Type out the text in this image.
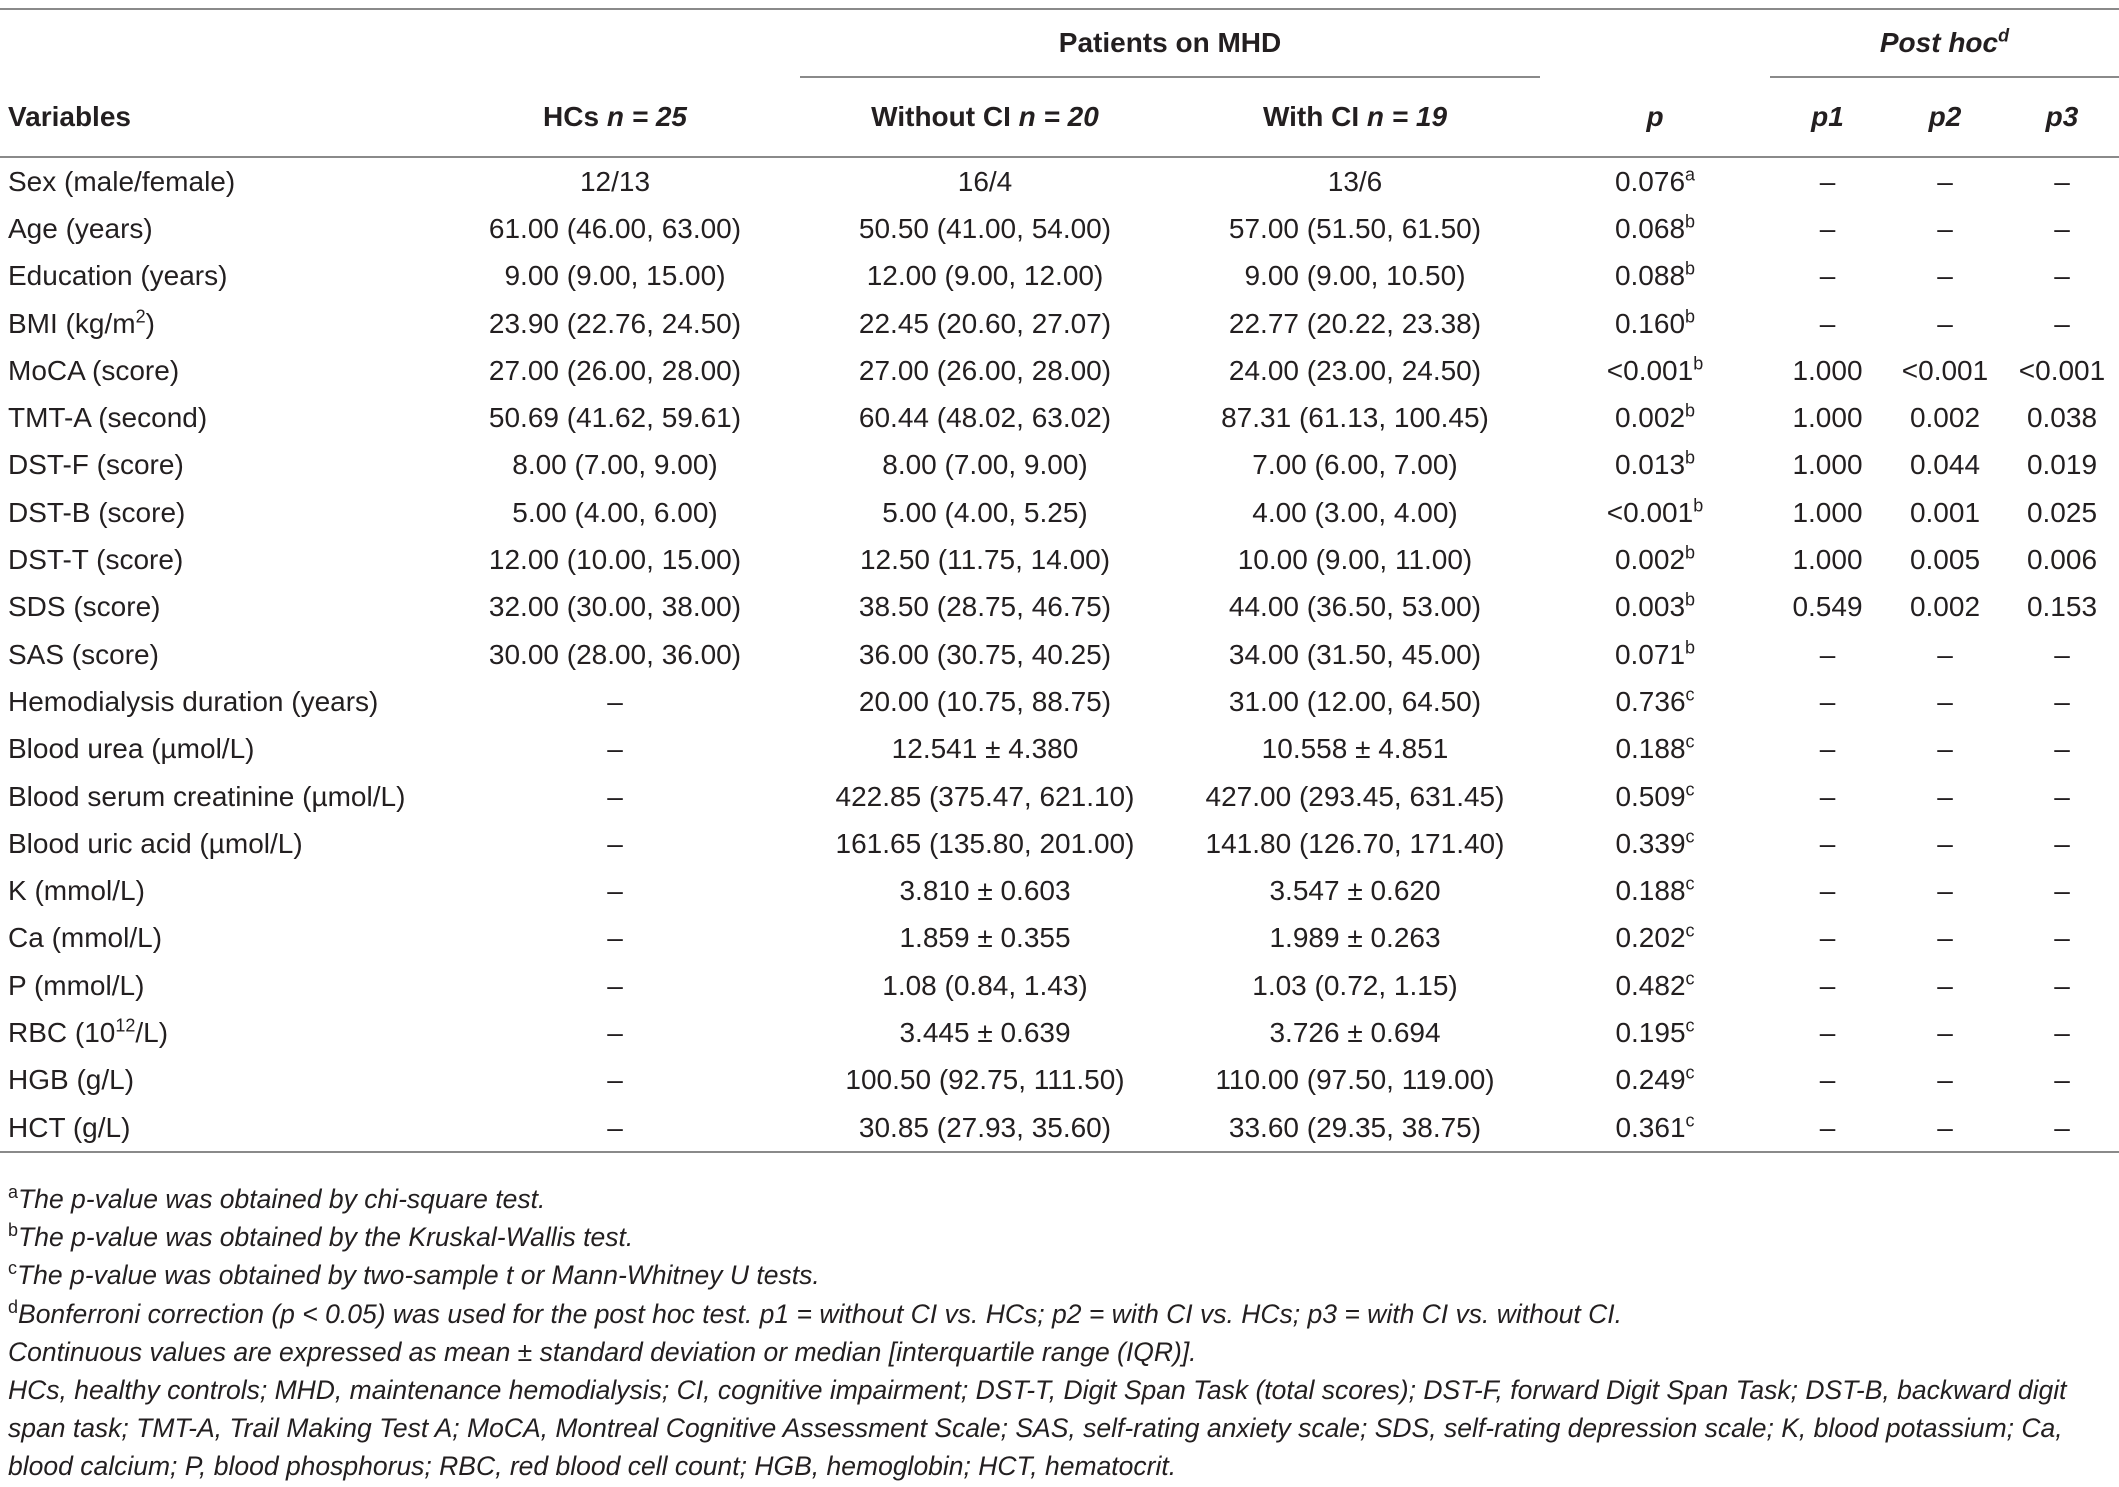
		Patients on MHD			Post hoc$^d$
Variables	HCs n = 25	Without CI n = 20	With CI n = 19	p	p1	p2	p3
Sex (male/female)	12/13	16/4	13/6	0.076$^a$	–	–	–
Age (years)	61.00 (46.00, 63.00)	50.50 (41.00, 54.00)	57.00 (51.50, 61.50)	0.068$^b$	–	–	–
Education (years)	9.00 (9.00, 15.00)	12.00 (9.00, 12.00)	9.00 (9.00, 10.50)	0.088$^b$	–	–	–
BMI $(kg/m^2)$	23.90 (22.76, 24.50)	22.45 (20.60, 27.07)	22.77 (20.22, 23.38)	0.160$^b$	–	–	–
MoCA (score)	27.00 (26.00, 28.00)	27.00 (26.00, 28.00)	24.00 (23.00, 24.50)	<0.001$^b$	1.000	<0.001	<0.001
TMT-A (second)	50.69 (41.62, 59.61)	60.44 (48.02, 63.02)	87.31 (61.13, 100.45)	0.002$^b$	1.000	0.002	0.038
DST-F (score)	8.00 (7.00, 9.00)	8.00 (7.00, 9.00)	7.00 (6.00, 7.00)	0.013$^b$	1.000	0.044	0.019
DST-B (score)	5.00 (4.00, 6.00)	5.00 (4.00, 5.25)	4.00 (3.00, 4.00)	<0.001$^b$	1.000	0.001	0.025
DST-T (score)	12.00 (10.00, 15.00)	12.50 (11.75, 14.00)	10.00 (9.00, 11.00)	0.002$^b$	1.000	0.005	0.006
SDS (score)	32.00 (30.00, 38.00)	38.50 (28.75, 46.75)	44.00 (36.50, 53.00)	0.003$^b$	0.549	0.002	0.153
SAS (score)	30.00 (28.00, 36.00)	36.00 (30.75, 40.25)	34.00 (31.50, 45.00)	0.071$^b$	–	–	–
Hemodialysis duration (years)	–	20.00 (10.75, 88.75)	31.00 (12.00, 64.50)	0.736$^c$	–	–	–
Blood urea (µmol/L)	–	12.541 ± 4.380	10.558 ± 4.851	0.188$^c$	–	–	–
Blood serum creatinine (µmol/L)	–	422.85 (375.47, 621.10)	427.00 (293.45, 631.45)	0.509$^c$	–	–	–
Blood uric acid (µmol/L)	–	161.65 (135.80, 201.00)	141.80 (126.70, 171.40)	0.339$^c$	–	–	–
K (mmol/L)	–	3.810 ± 0.603	3.547 ± 0.620	0.188$^c$	–	–	–
Ca (mmol/L)	–	1.859 ± 0.355	1.989 ± 0.263	0.202$^c$	–	–	–
P (mmol/L)	–	1.08 (0.84, 1.43)	1.03 (0.72, 1.15)	0.482$^c$	–	–	–
RBC $(10^{12}/L)$	–	3.445 ± 0.639	3.726 ± 0.694	0.195$^c$	–	–	–
HGB (g/L)	–	100.50 (92.75, 111.50)	110.00 (97.50, 119.00)	0.249$^c$	–	–	–
HCT (g/L)	–	30.85 (27.93, 35.60)	33.60 (29.35, 38.75)	0.361$^c$	–	–	–

$^a$The p-value was obtained by chi-square test.

$^b$The p-value was obtained by the Kruskal-Wallis test.

$^c$The p-value was obtained by two-sample t or Mann-Whitney U tests.

$^d$Bonferroni correction (p < 0.05) was used for the post hoc test. p1 = without CI vs. HCs; p2 = with CI vs. HCs; p3 = with CI vs. without CI.

Continuous values are expressed as mean ± standard deviation or median [interquartile range (IQR)].

HCs, healthy controls; MHD, maintenance hemodialysis; CI, cognitive impairment; DST-T, Digit Span Task (total scores); DST-F, forward Digit Span Task; DST-B, backward digit span task; TMT-A, Trail Making Test A; MoCA, Montreal Cognitive Assessment Scale; SAS, self-rating anxiety scale; SDS, self-rating depression scale; K, blood potassium; Ca, blood calcium; P, blood phosphorus; RBC, red blood cell count; HGB, hemoglobin; HCT, hematocrit.
